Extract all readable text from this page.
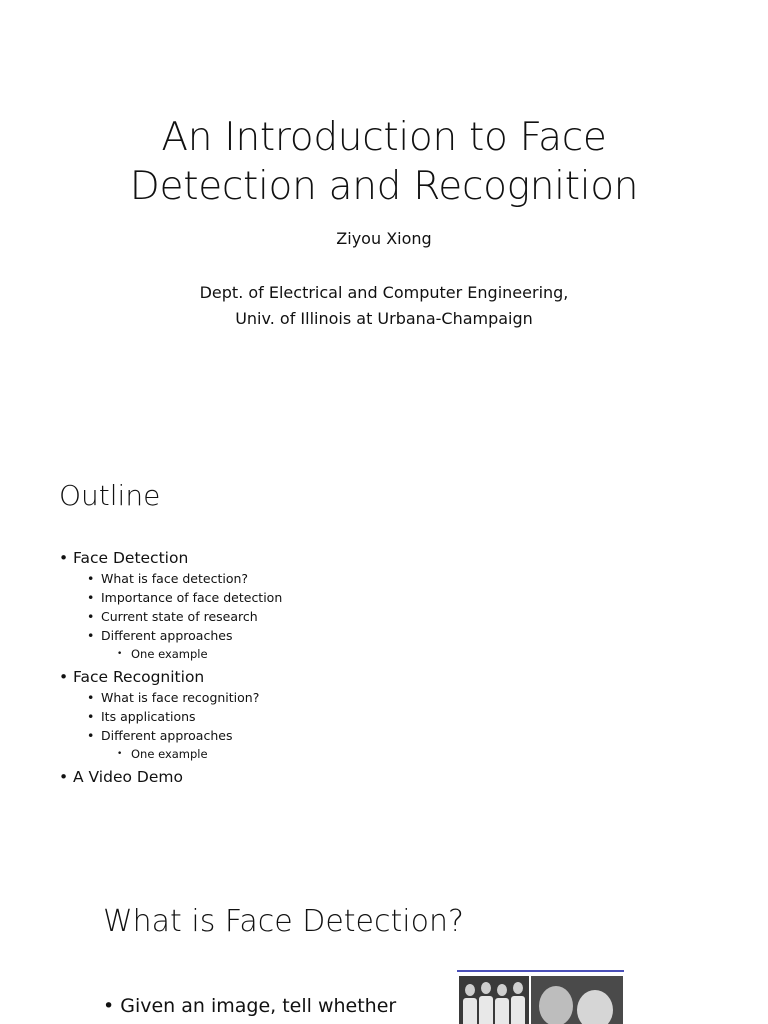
An Introduction to Face
Detection and Recognition
Ziyou Xiong
Dept. of Electrical and Computer Engineering,
Univ. of Illinois at Urbana-Champaign
Outline
• Face Detection
• What is face detection?
• Importance of face detection
• Current state of research
• Different approaches
• One example
• Face Recognition
• What is face recognition?
• Its applications
• Different approaches
• One example
• A Video Demo
What is Face Detection?
• Given an image, tell whether
